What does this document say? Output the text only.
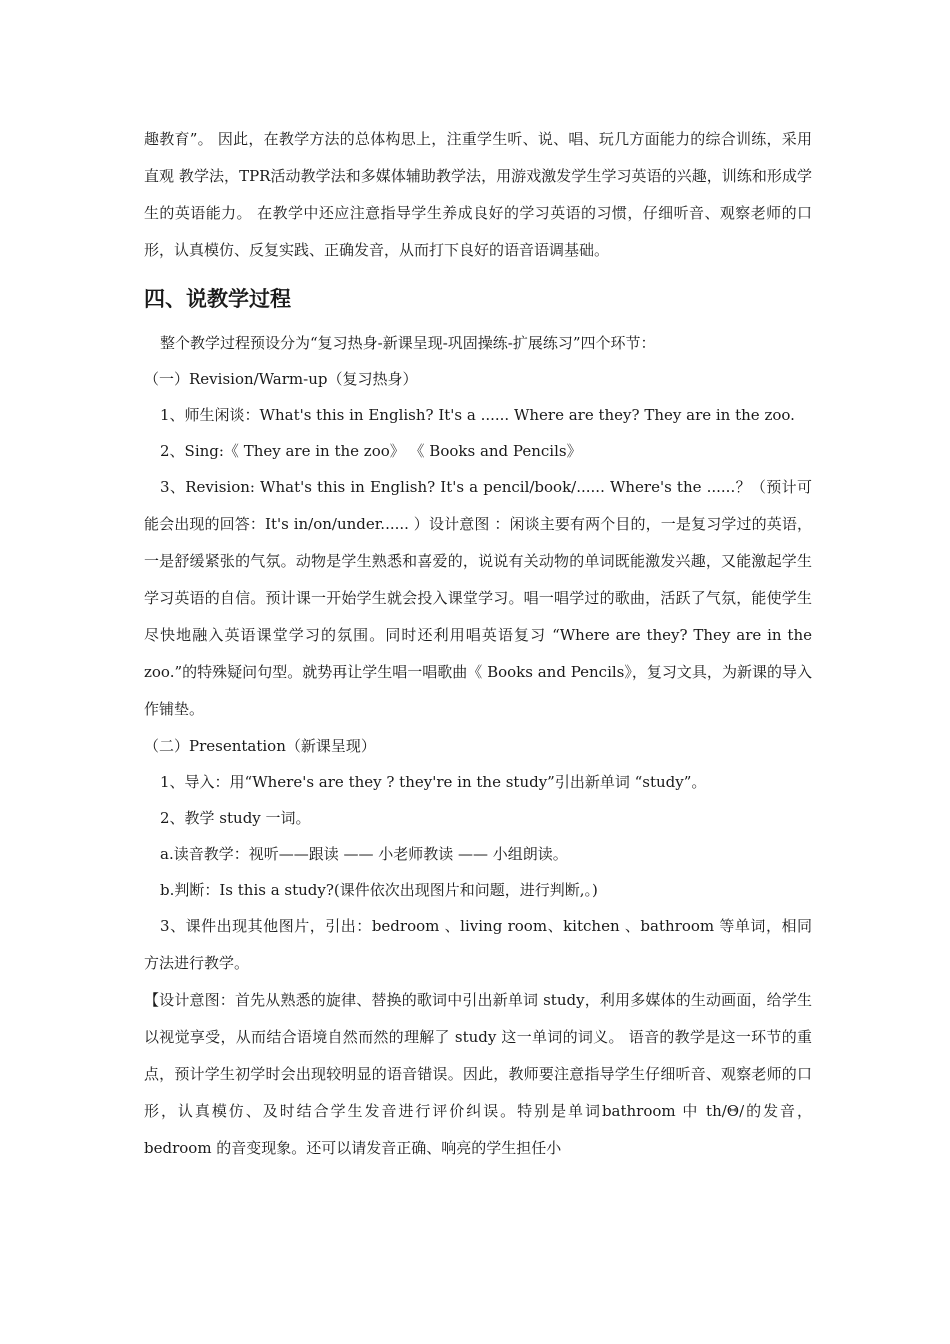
趣教育”。 因此，在教学方法的总体构思上，注重学生听、说、唱、玩几方面能力的综合训练，采用直观 教学法，TPR活动教学法和多媒体辅助教学法，用游戏激发学生学习英语的兴趣，训练和形成学生的英语能力。 在教学中还应注意指导学生养成良好的学习英语的习惯，仔细听音、观察老师的口形，认真模仿、反复实践、正确发音，从而打下良好的语音语调基础。

四、说教学过程

整个教学过程预设分为“复习热身-新课呈现-巩固操练-扩展练习”四个环节：

（一）Revision/Warm-up（复习热身）

1、师生闲谈：What's this in English? It's a ...... Where are they? They are in the zoo.

2、Sing:《 They are in the zoo》 《 Books and Pencils》

3、Revision: What's this in English? It's a pencil/book/...... Where's the ......？（预计可能会出现的回答：It's in/on/under...... ）设计意图 ：闲谈主要有两个目的，一是复习学过的英语，一是舒缓紧张的气氛。动物是学生熟悉和喜爱的，说说有关动物的单词既能激发兴趣，又能激起学生学习英语的自信。预计课一开始学生就会投入课堂学习。唱一唱学过的歌曲，活跃了气氛，能使学生尽快地融入英语课堂学习的氛围。同时还利用唱英语复习 “Where are they? They are in the zoo.”的特殊疑问句型。就势再让学生唱一唱歌曲《 Books and Pencils》，复习文具，为新课的导入作铺垫。

（二）Presentation（新课呈现）

1、导入：用“Where's are they ? they're in the study”引出新单词 “study”。

2、教学 study 一词。

a.读音教学：视听——跟读 —— 小老师教读 —— 小组朗读。

b.判断：Is this a study?(课件依次出现图片和问题，进行判断,。)

3、课件出现其他图片，引出：bedroom 、living room、kitchen 、bathroom 等单词，相同方法进行教学。

【设计意图：首先从熟悉的旋律、替换的歌词中引出新单词 study，利用多媒体的生动画面，给学生以视觉享受，从而结合语境自然而然的理解了 study 这一单词的词义。 语音的教学是这一环节的重点，预计学生初学时会出现较明显的语音错误。因此，教师要注意指导学生仔细听音、观察老师的口形，认真模仿、及时结合学生发音进行评价纠误。特别是单词bathroom 中 th/Θ/的发音，bedroom 的音变现象。还可以请发音正确、响亮的学生担任小
